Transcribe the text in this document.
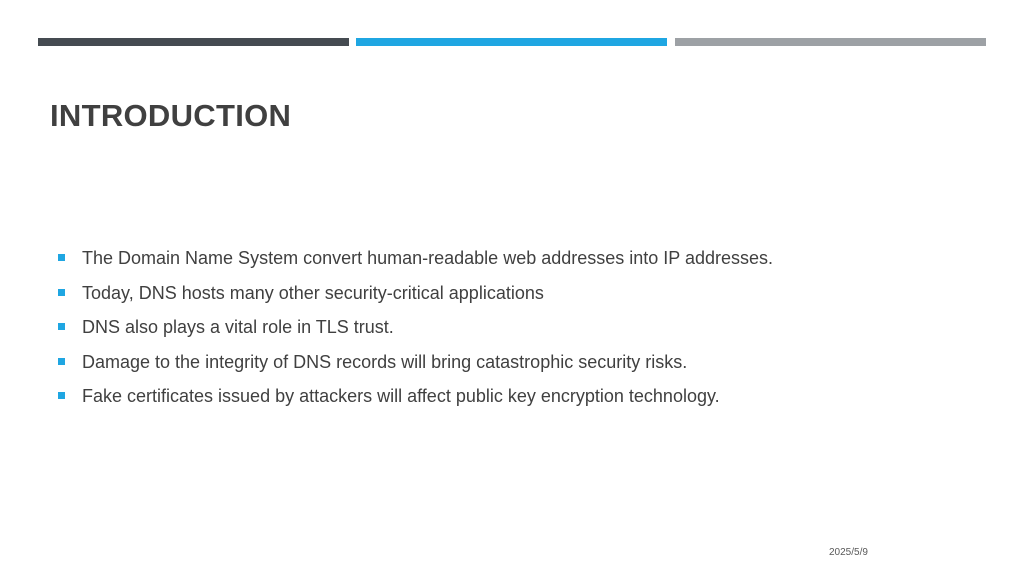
INTRODUCTION
The Domain Name System convert human-readable web addresses into IP addresses.
Today, DNS hosts many other security-critical applications
DNS also plays a vital role in TLS trust.
Damage to the integrity of DNS records will bring catastrophic security risks.
Fake certificates issued by attackers will affect public key encryption technology.
2025/5/9
